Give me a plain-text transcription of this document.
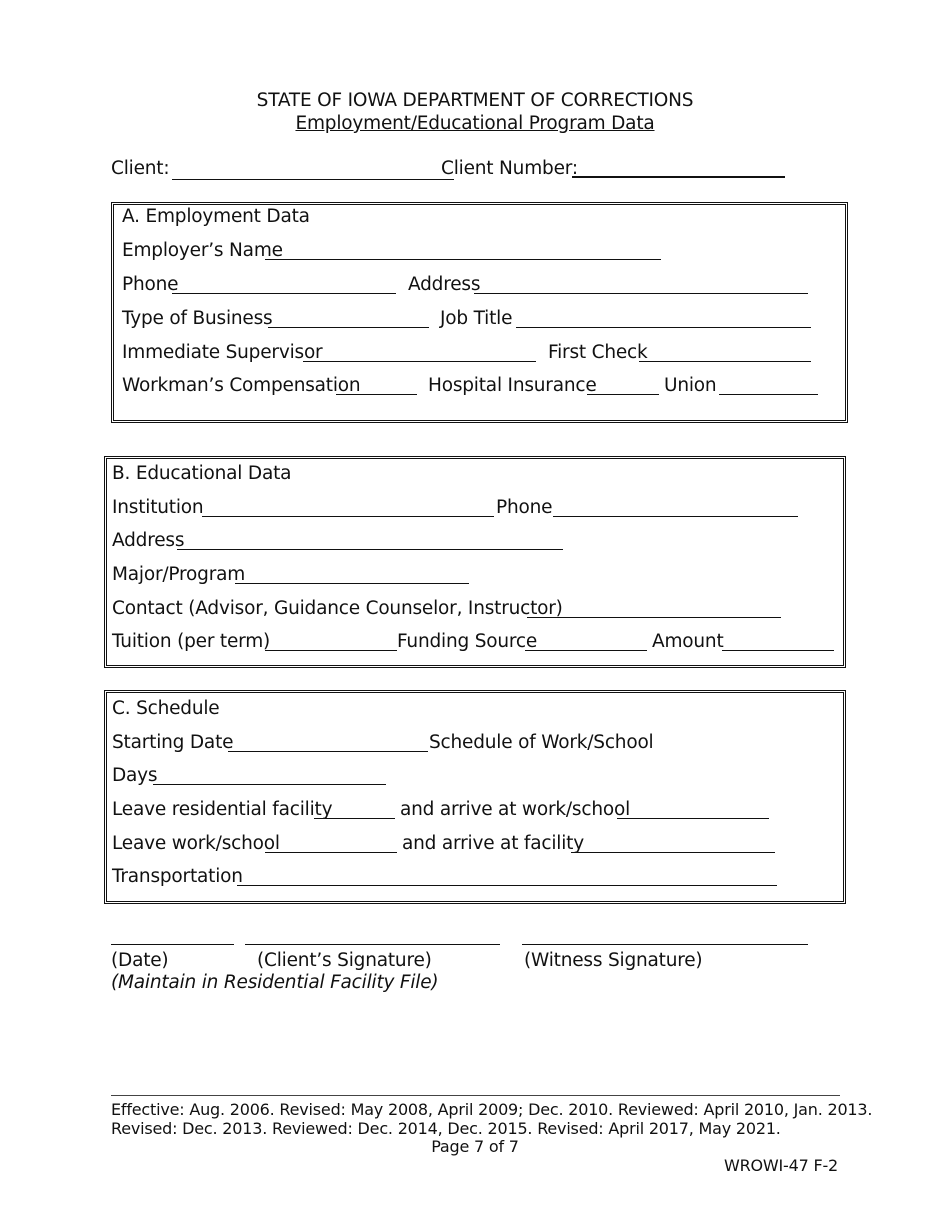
STATE OF IOWA DEPARTMENT OF CORRECTIONS
Employment/Educational Program Data
Client:	Client Number:
A. Employment Data
Employer’s Name
Phone	Address
Type of Business	Job Title
Immediate Supervisor	First Check
Workman’s Compensation	Hospital Insurance	Union
B. Educational Data
Institution	Phone
Address
Major/Program
Contact (Advisor, Guidance Counselor, Instructor)
Tuition (per term)	Funding Source	Amount
C. Schedule
Starting Date	Schedule of Work/School
Days
Leave residential facility	and arrive at work/school
Leave work/school	and arrive at facility
Transportation
(Date)	(Client’s Signature)	(Witness Signature)
(Maintain in Residential Facility File)
Effective: Aug. 2006. Revised: May 2008, April 2009; Dec. 2010. Reviewed: April 2010, Jan. 2013.
Revised: Dec. 2013. Reviewed: Dec. 2014, Dec. 2015. Revised: April 2017, May 2021.
Page 7 of 7
WROWI-47 F-2
